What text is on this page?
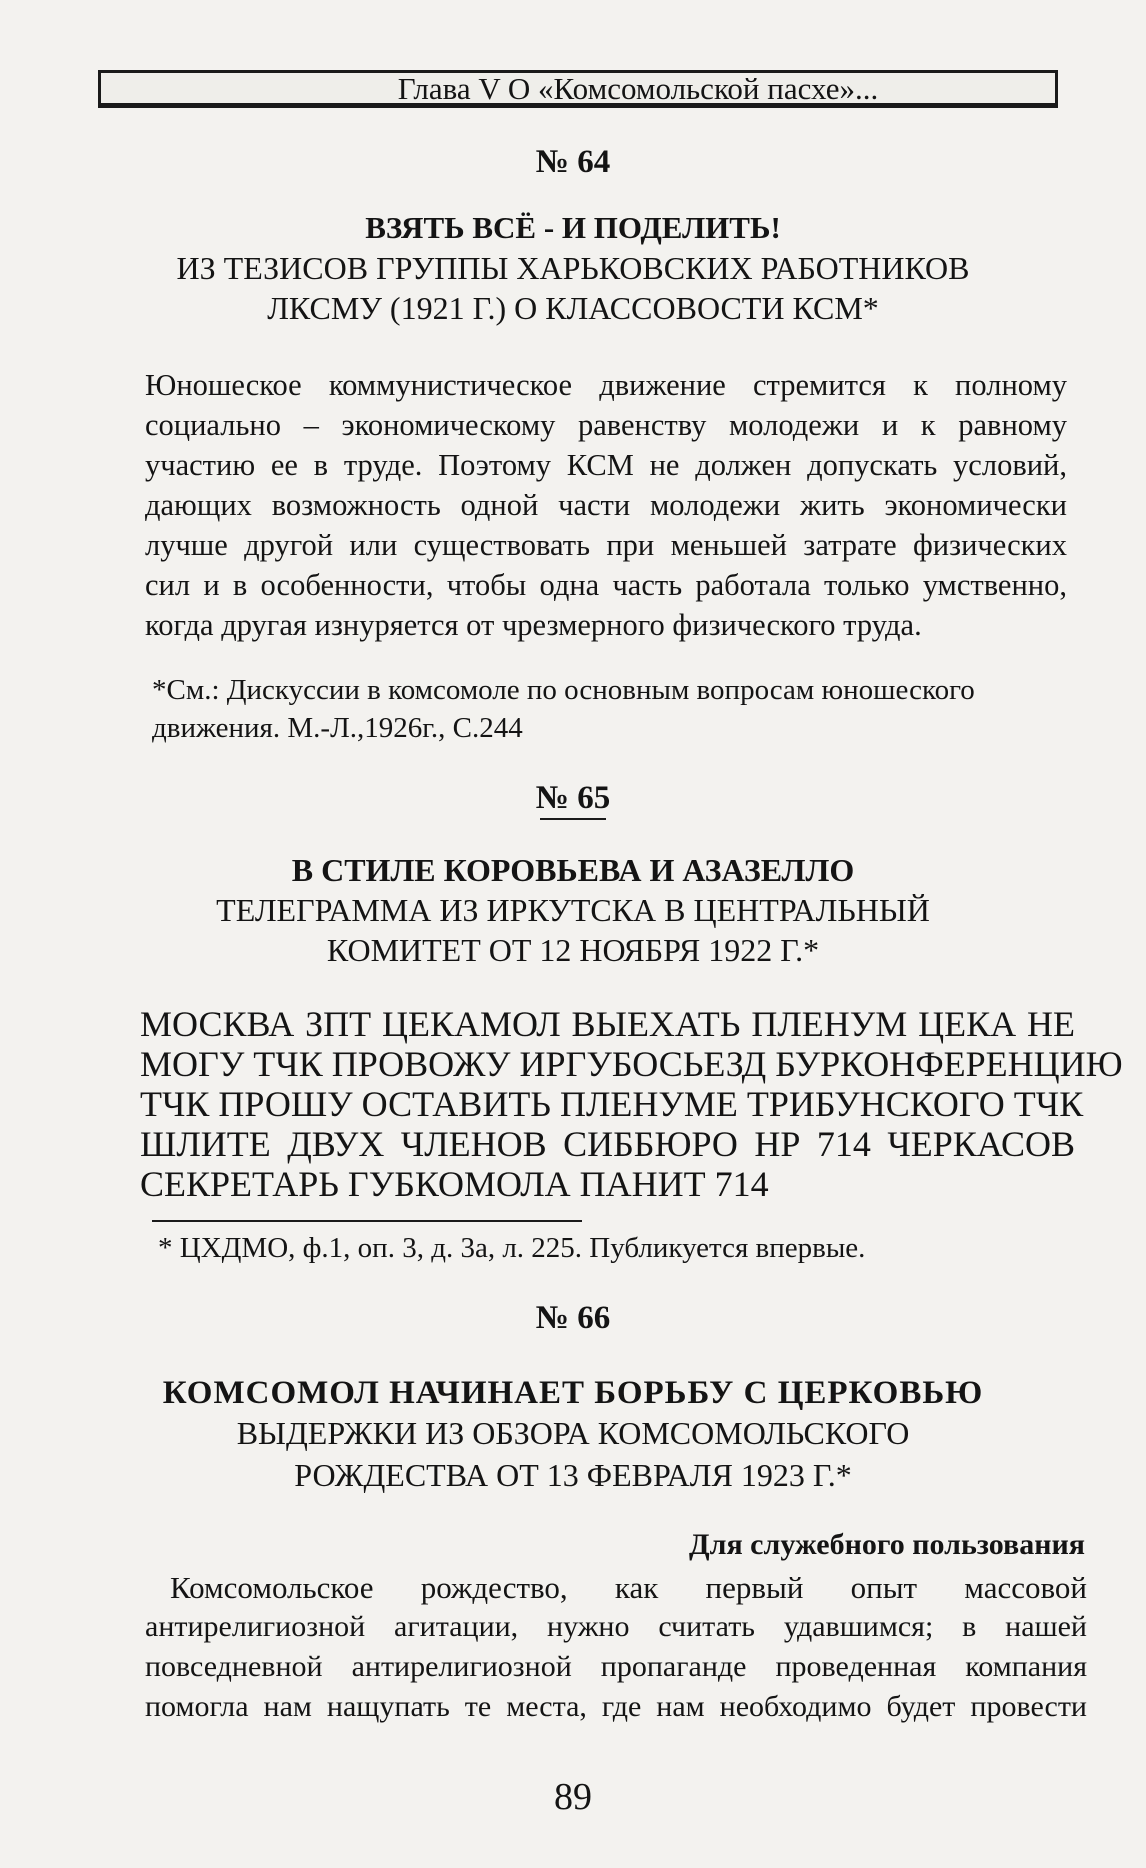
Глава V О «Комсомольской пасхе»...
№ 64
ВЗЯТЬ ВСЁ - И ПОДЕЛИТЬ!
ИЗ ТЕЗИСОВ ГРУППЫ ХАРЬКОВСКИХ РАБОТНИКОВ
ЛКСМУ (1921 Г.) О КЛАССОВОСТИ КСМ*
Юношеское коммунистическое движение стремится к полному
социально – экономическому равенству молодежи и к равному
участию ее в труде. Поэтому КСМ не должен допускать условий,
дающих возможность одной части молодежи жить экономически
лучше другой или существовать при меньшей затрате физических
сил и в особенности, чтобы одна часть работала только умственно,
когда другая изнуряется от чрезмерного физического труда.
*См.: Дискуссии в комсомоле по основным вопросам юношеского
движения. М.-Л.,1926г., С.244
№ 65
В СТИЛЕ КОРОВЬЕВА И АЗАЗЕЛЛО
ТЕЛЕГРАММА ИЗ ИРКУТСКА В ЦЕНТРАЛЬНЫЙ
КОМИТЕТ ОТ 12 НОЯБРЯ 1922 Г.*
МОСКВА ЗПТ ЦЕКАМОЛ ВЫЕХАТЬ ПЛЕНУМ ЦЕКА НЕ
МОГУ ТЧК ПРОВОЖУ ИРГУБОСЬЕЗД БУРКОНФЕРЕНЦИЮ
ТЧК ПРОШУ ОСТАВИТЬ ПЛЕНУМЕ ТРИБУНСКОГО ТЧК
ШЛИТЕ ДВУХ ЧЛЕНОВ СИББЮРО НР 714 ЧЕРКАСОВ
СЕКРЕТАРЬ ГУБКОМОЛА ПАНИТ 714
* ЦХДМО, ф.1, оп. 3, д. 3а, л. 225. Публикуется впервые.
№ 66
КОМСОМОЛ НАЧИНАЕТ БОРЬБУ С ЦЕРКОВЬЮ
ВЫДЕРЖКИ ИЗ ОБЗОРА КОМСОМОЛЬСКОГО
РОЖДЕСТВА ОТ 13 ФЕВРАЛЯ 1923 Г.*
Для служебного пользования
Комсомольское рождество, как первый опыт массовой
антирелигиозной агитации, нужно считать удавшимся; в нашей
повседневной антирелигиозной пропаганде проведенная компания
помогла нам нащупать те места, где нам необходимо будет провести
89
